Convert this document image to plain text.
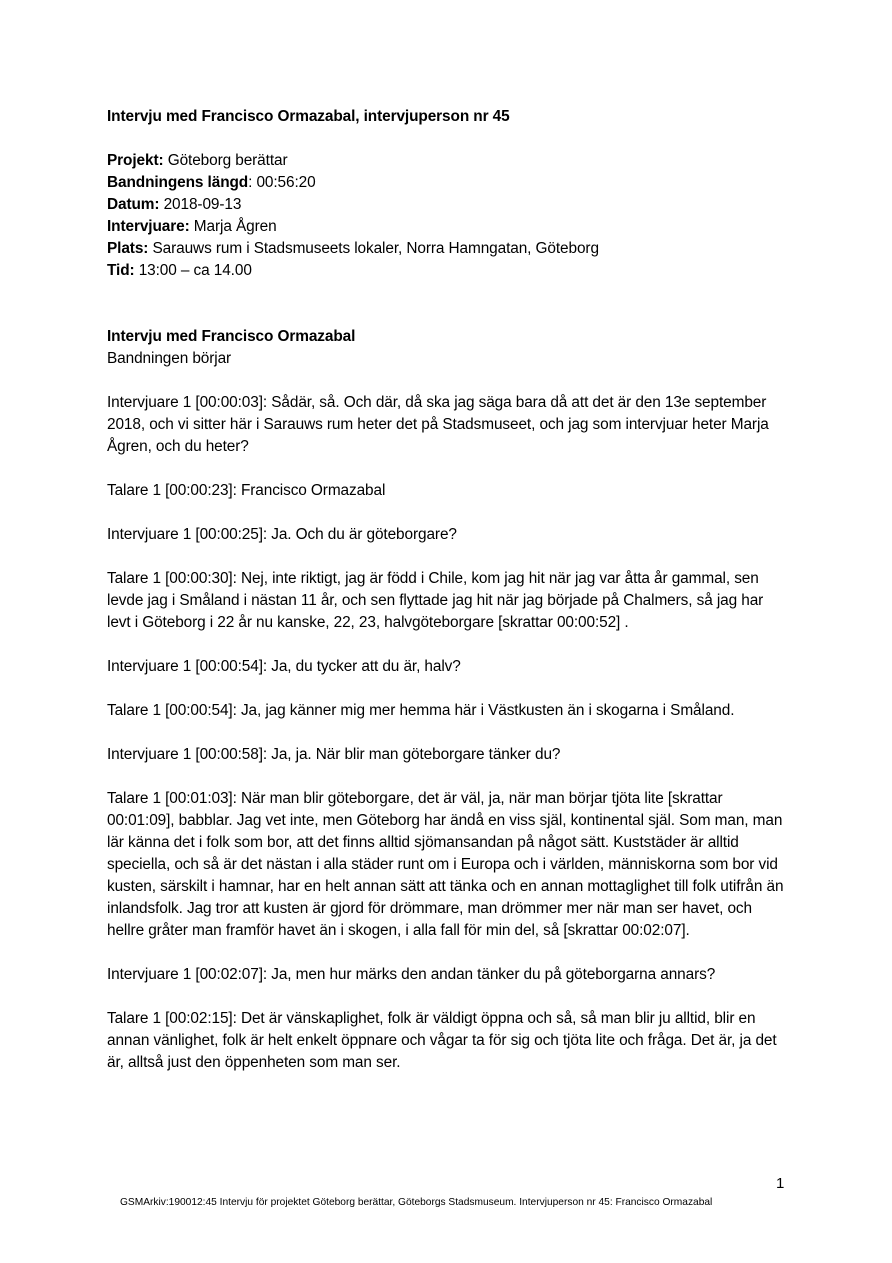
Intervju med Francisco Ormazabal, intervjuperson nr 45

Projekt: Göteborg berättar

Bandningens längd: 00:56:20

Datum: 2018-09-13

Intervjuare: Marja Ågren

Plats: Sarauws rum i Stadsmuseets lokaler, Norra Hamngatan, Göteborg

Tid: 13:00 – ca 14.00

Intervju med Francisco Ormazabal

Bandningen börjar

Intervjuare 1 [00:00:03]: Sådär, så. Och där, då ska jag säga bara då att det är den 13e september 2018, och vi sitter här i Sarauws rum heter det på Stadsmuseet, och jag som intervjuar heter Marja Ågren, och du heter?

Talare 1 [00:00:23]: Francisco Ormazabal

Intervjuare 1 [00:00:25]: Ja. Och du är göteborgare?

Talare 1 [00:00:30]: Nej, inte riktigt, jag är född i Chile, kom jag hit när jag var åtta år gammal, sen levde jag i Småland i nästan 11 år, och sen flyttade jag hit när jag började på Chalmers, så jag har levt i Göteborg i 22 år nu kanske, 22, 23, halvgöteborgare [skrattar 00:00:52] .

Intervjuare 1 [00:00:54]: Ja, du tycker att du är, halv?

Talare 1 [00:00:54]: Ja, jag känner mig mer hemma här i Västkusten än i skogarna i Småland.

Intervjuare 1 [00:00:58]: Ja, ja. När blir man göteborgare tänker du?

Talare 1 [00:01:03]: När man blir göteborgare, det är väl, ja, när man börjar tjöta lite [skrattar 00:01:09], babblar. Jag vet inte, men Göteborg har ändå en viss själ, kontinental själ. Som man, man lär känna det i folk som bor, att det finns alltid sjömansandan på något sätt. Kuststäder är alltid speciella, och så är det nästan i alla städer runt om i Europa och i världen, människorna som bor vid kusten, särskilt i hamnar, har en helt annan sätt att tänka och en annan mottaglighet till folk utifrån än inlandsfolk. Jag tror att kusten är gjord för drömmare, man drömmer mer när man ser havet, och hellre gråter man framför havet än i skogen, i alla fall för min del, så [skrattar 00:02:07].

Intervjuare 1 [00:02:07]: Ja, men hur märks den andan tänker du på göteborgarna annars?

Talare 1 [00:02:15]: Det är vänskaplighet, folk är väldigt öppna och så, så man blir ju alltid, blir en annan vänlighet, folk är helt enkelt öppnare och vågar ta för sig och tjöta lite och fråga. Det är, ja det är, alltså just den öppenheten som man ser.

1
GSMArkiv:190012:45 Intervju för projektet Göteborg berättar, Göteborgs Stadsmuseum. Intervjuperson nr 45: Francisco Ormazabal
